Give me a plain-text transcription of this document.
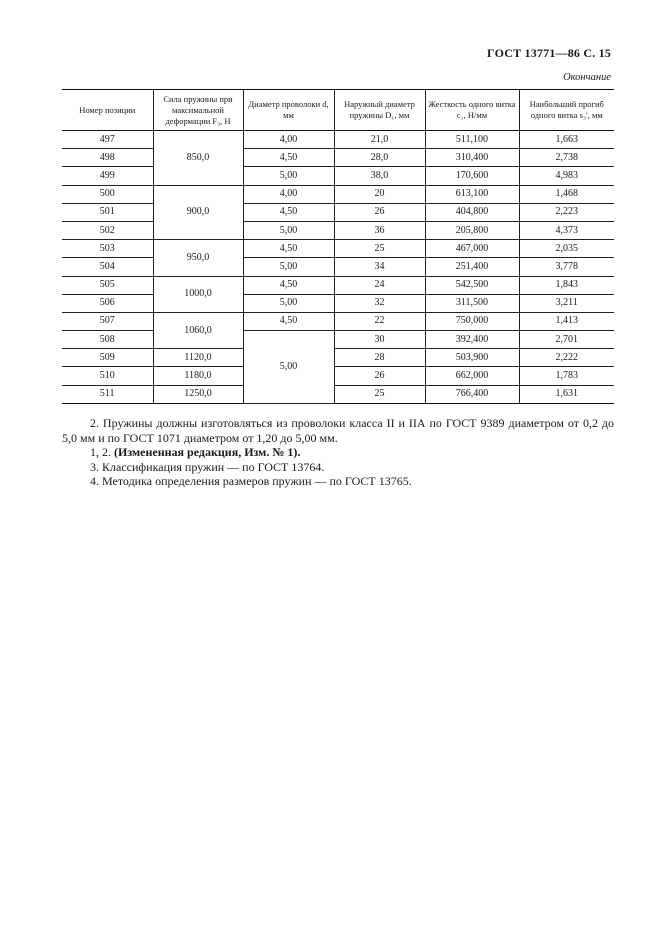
ГОСТ 13771—86 С. 15
Окончание
Номер позиции	Сила пружины при максимальной деформации F₃, Н	Диаметр проволоки d, мм	Наружный диаметр пружины D₁, мм	Жесткость одного витка c₁, Н/мм	Наибольший прогиб одного витка s₃′, мм
497	850,0	4,00	21,0	511,100	1,663
498		4,50	28,0	310,400	2,738
499		5,00	38,0	170,600	4,983
500	900,0	4,00	20	613,100	1,468
501		4,50	26	404,800	2,223
502		5,00	36	205,800	4,373
503	950,0	4,50	25	467,000	2,035
504		5,00	34	251,400	3,778
505	1000,0	4,50	24	542,500	1,843
506		5,00	32	311,500	3,211
507	1060,0	4,50	22	750,000	1,413
508		5,00	30	392,400	2,701
509	1120,0		28	503,900	2,222
510	1180,0		26	662,000	1,783
511	1250,0		25	766,400	1,631

2. Пружины должны изготовляться из проволоки класса II и IIА по ГОСТ 9389 диаметром от 0,2 до 5,0 мм и по ГОСТ 1071 диаметром от 1,20 до 5,00 мм.

1, 2. (Измененная редакция, Изм. № 1).

3. Классификация пружин — по ГОСТ 13764.

4. Методика определения размеров пружин — по ГОСТ 13765.
